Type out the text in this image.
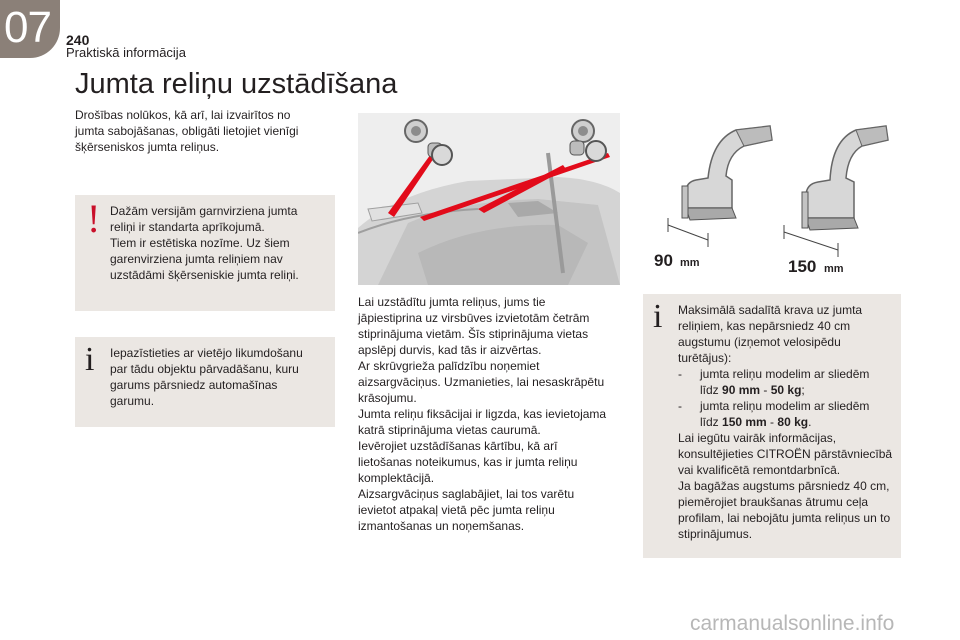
07 240
Praktiskā informācija
Jumta reliņu uzstādīšana
Drošības nolūkos, kā arī, lai izvairītos no
jumta sabojāšanas, obligāti lietojiet vienīgi
šķērseniskos jumta reliņus.
! Dažām versijām garnvirziena jumta
reliņi ir standarta aprīkojumā.
Tiem ir estētiska nozīme. Uz šiem
garenvirziena jumta reliņiem nav
uzstādāmi šķērseniskie jumta reliņi.
i Iepazīstieties ar vietējo likumdošanu
par tādu objektu pārvadāšanu, kuru
garums pārsniedz automašīnas
garumu.
Lai uzstādītu jumta reliņus, jums tie
jāpiestiprina uz virsbūves izvietotām četrām
stiprinājuma vietām. Šīs stiprinājuma vietas
apslēpj durvis, kad tās ir aizvērtas.
Ar skrūvgrieža palīdzību noņemiet
aizsargvāciņus. Uzmanieties, lai nesaskrāpētu
krāsojumu.
Jumta reliņu fiksācijai ir ligzda, kas ievietojama
katrā stiprinājuma vietas caurumā.
Ievērojiet uzstādīšanas kārtību, kā arī
lietošanas noteikumus, kas ir jumta reliņu
komplektācijā.
Aizsargvāciņus saglabājiet, lai tos varētu
ievietot atpakaļ vietā pēc jumta reliņu
izmantošanas un noņemšanas.
90 mm	150 mm
i Maksimālā sadalītā krava uz jumta
reliņiem, kas nepārsniedz 40 cm
augstumu (izņemot velosipēdu
turētājus):
-	jumta reliņu modelim ar sliedēm
līdz 90 mm - 50 kg;
-	jumta reliņu modelim ar sliedēm
līdz 150 mm - 80 kg.
Lai iegūtu vairāk informācijas,
konsultējieties CITROËN pārstāvniecībā
vai kvalificētā remontdarbnīcā.
Ja bagāžas augstums pārsniedz 40 cm,
piemērojiet braukšanas ātrumu ceļa
profilam, lai nebojātu jumta reliņus un to
stiprinājumus.
carmanualsonline.info
